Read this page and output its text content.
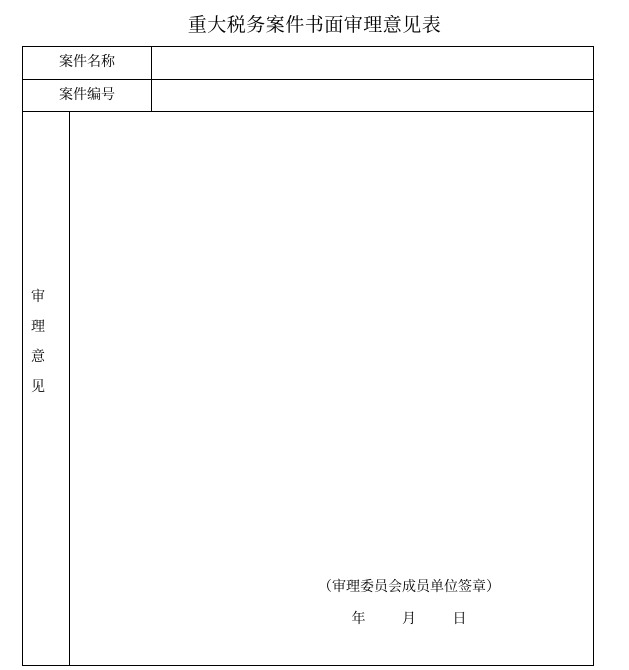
重大税务案件书面审理意见表
案件名称
案件编号
审
理
意
见
（审理委员会成员单位签章）
年	月	日
